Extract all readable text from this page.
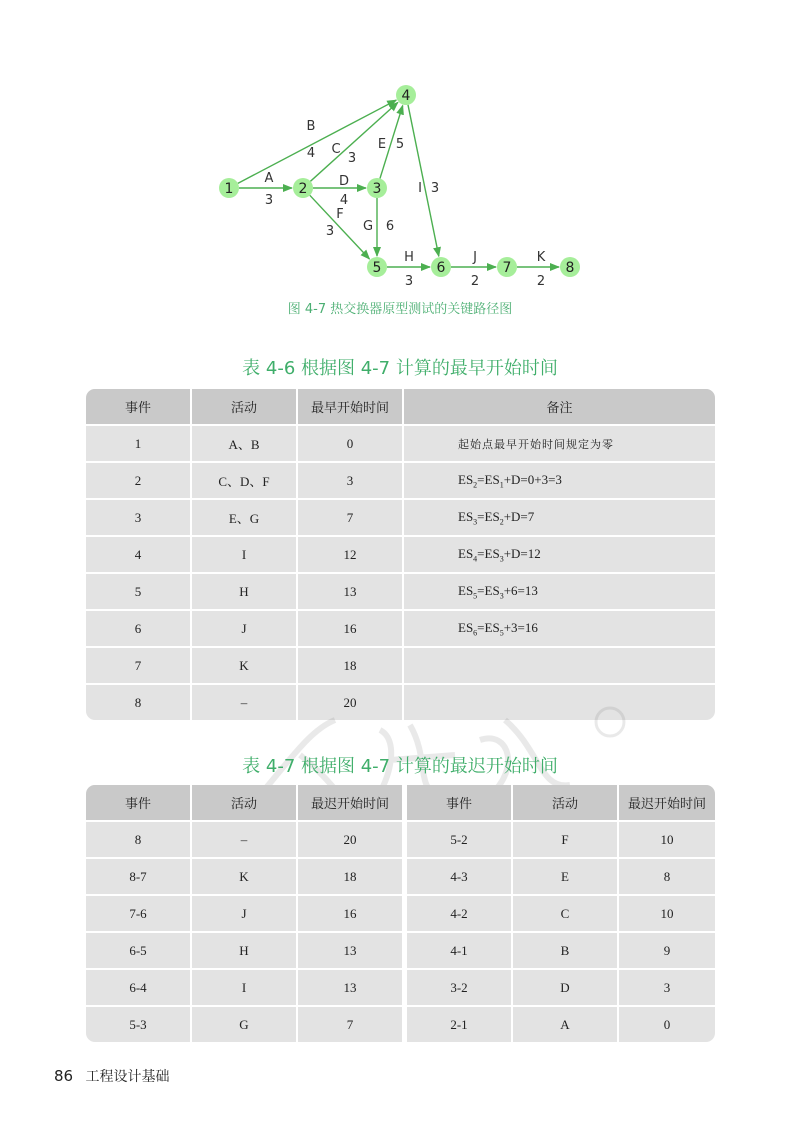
A
3
B
4 C
3
D
4
E 5
F
3 G 6
H
3
I 3
J
2
K
2
1	2	3
4
5	6	7	8
图 4-7 热交换器原型测试的关键路径图
表 4-6 根据图 4-7 计算的最早开始时间
事件	活动	最早开始时间	备注
1	A、B	0	起始点最早开始时间规定为零
2	C、D、F	3	$ES_2=ES_1+D=0+3=3$
3	E、G	7	$ES_3=ES_2+D=7$
4	I	12	$ES_4=ES_3+D=12$
5	H	13	$ES_5=ES_3+6=13$
6	J	16	$ES_6=ES_5+3=16$
7	K	18	
8	–	20	
表 4-7 根据图 4-7 计算的最迟开始时间
事件	活动	最迟开始时间	事件	活动	最迟开始时间
8	–	20	5-2	F	10
8-7	K	18	4-3	E	8
7-6	J	16	4-2	C	10
6-5	H	13	4-1	B	9
6-4	I	13	3-2	D	3
5-3	G	7	2-1	A	0
86 工程设计基础
